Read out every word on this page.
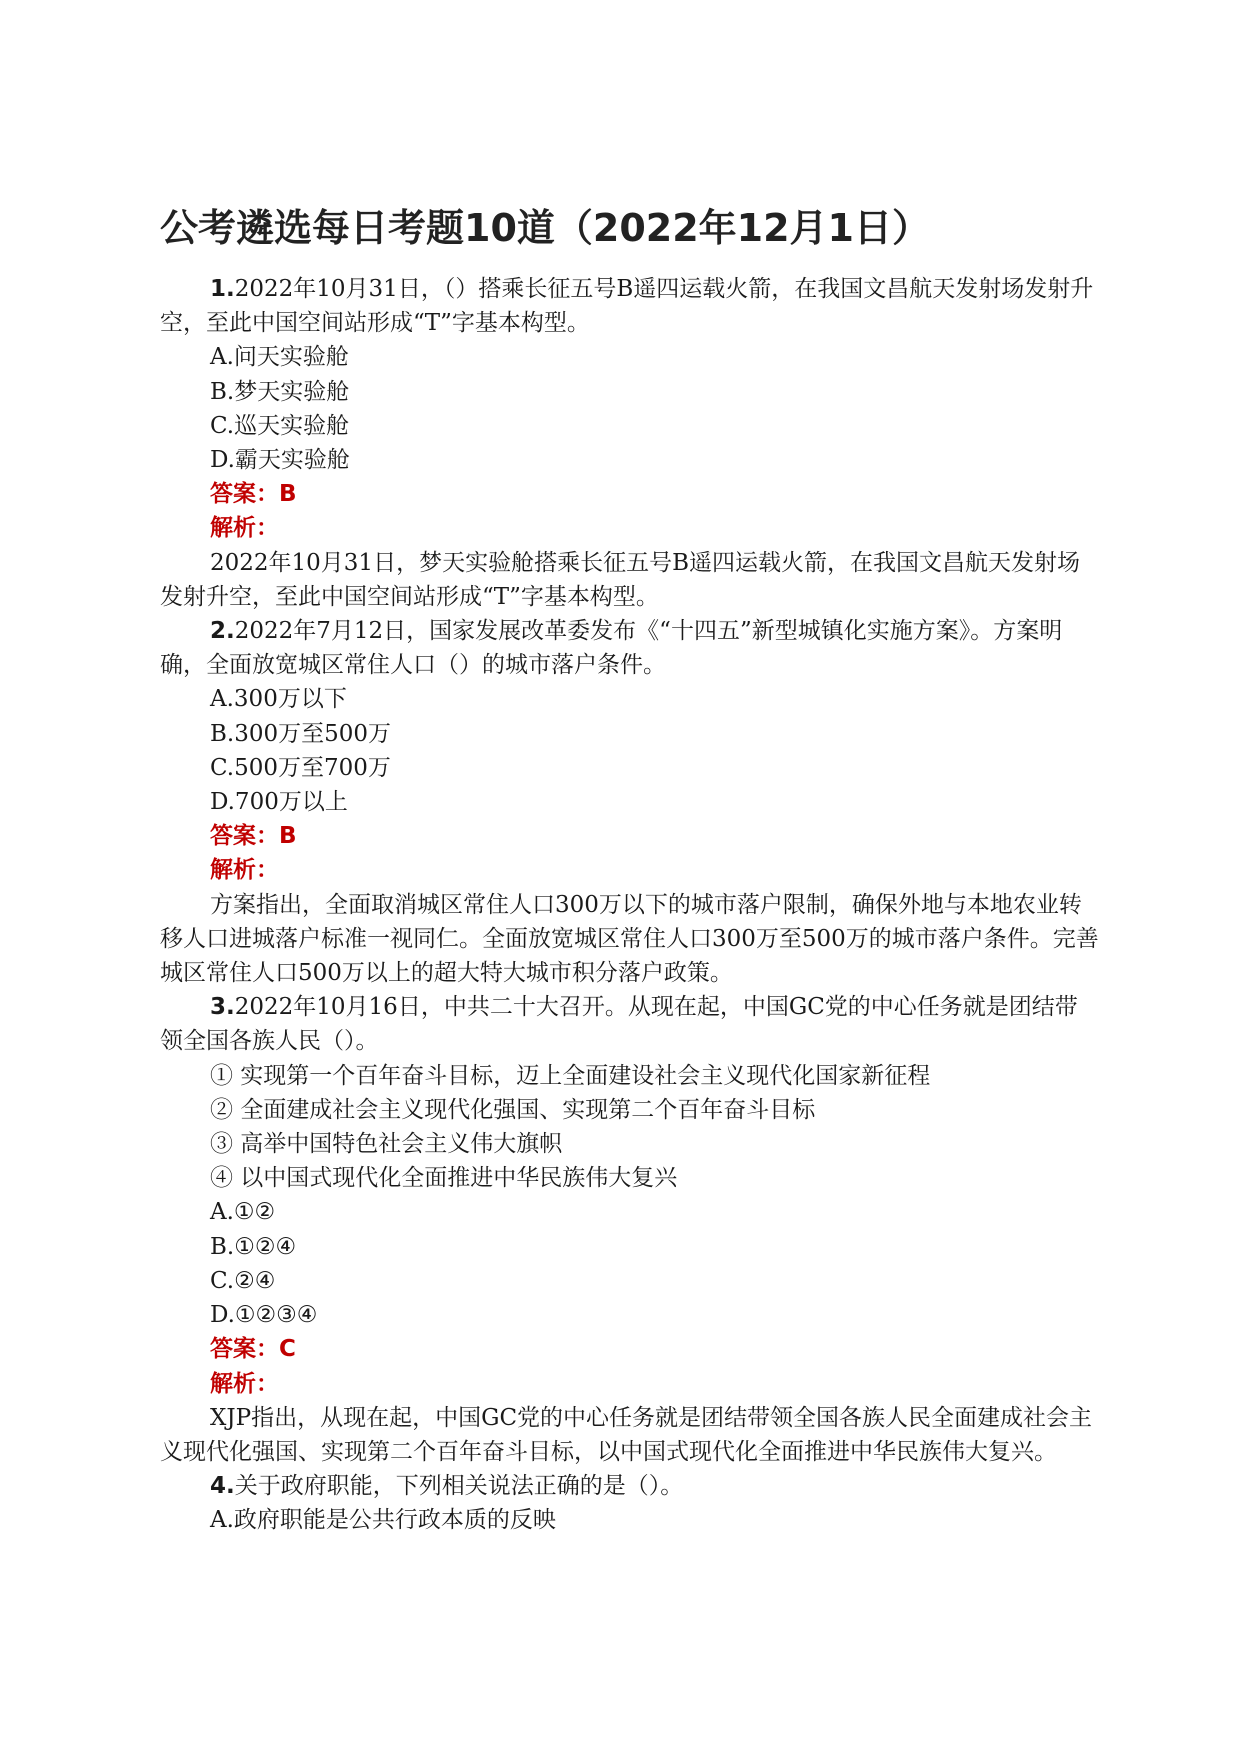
公考遴选每日考题10道（2022年12月1日）

1.2022年10月31日，（）搭乘长征五号B遥四运载火箭，在我国文昌航天发射场发射升空，至此中国空间站形成“T”字基本构型。

A.问天实验舱

B.梦天实验舱

C.巡天实验舱

D.霸天实验舱

答案：B

解析：

2022年10月31日，梦天实验舱搭乘长征五号B遥四运载火箭，在我国文昌航天发射场发射升空，至此中国空间站形成“T”字基本构型。

2.2022年7月12日，国家发展改革委发布《“十四五”新型城镇化实施方案》。方案明确，全面放宽城区常住人口（）的城市落户条件。

A.300万以下

B.300万至500万

C.500万至700万

D.700万以上

答案：B

解析：

方案指出，全面取消城区常住人口300万以下的城市落户限制，确保外地与本地农业转移人口进城落户标准一视同仁。全面放宽城区常住人口300万至500万的城市落户条件。完善城区常住人口500万以上的超大特大城市积分落户政策。

3.2022年10月16日，中共二十大召开。从现在起，中国GC党的中心任务就是团结带领全国各族人民（）。

① 实现第一个百年奋斗目标，迈上全面建设社会主义现代化国家新征程

② 全面建成社会主义现代化强国、实现第二个百年奋斗目标

③ 高举中国特色社会主义伟大旗帜

④ 以中国式现代化全面推进中华民族伟大复兴

A.①②

B.①②④

C.②④

D.①②③④

答案：C

解析：

XJP指出，从现在起，中国GC党的中心任务就是团结带领全国各族人民全面建成社会主义现代化强国、实现第二个百年奋斗目标，以中国式现代化全面推进中华民族伟大复兴。

4.关于政府职能，下列相关说法正确的是（）。

A.政府职能是公共行政本质的反映
